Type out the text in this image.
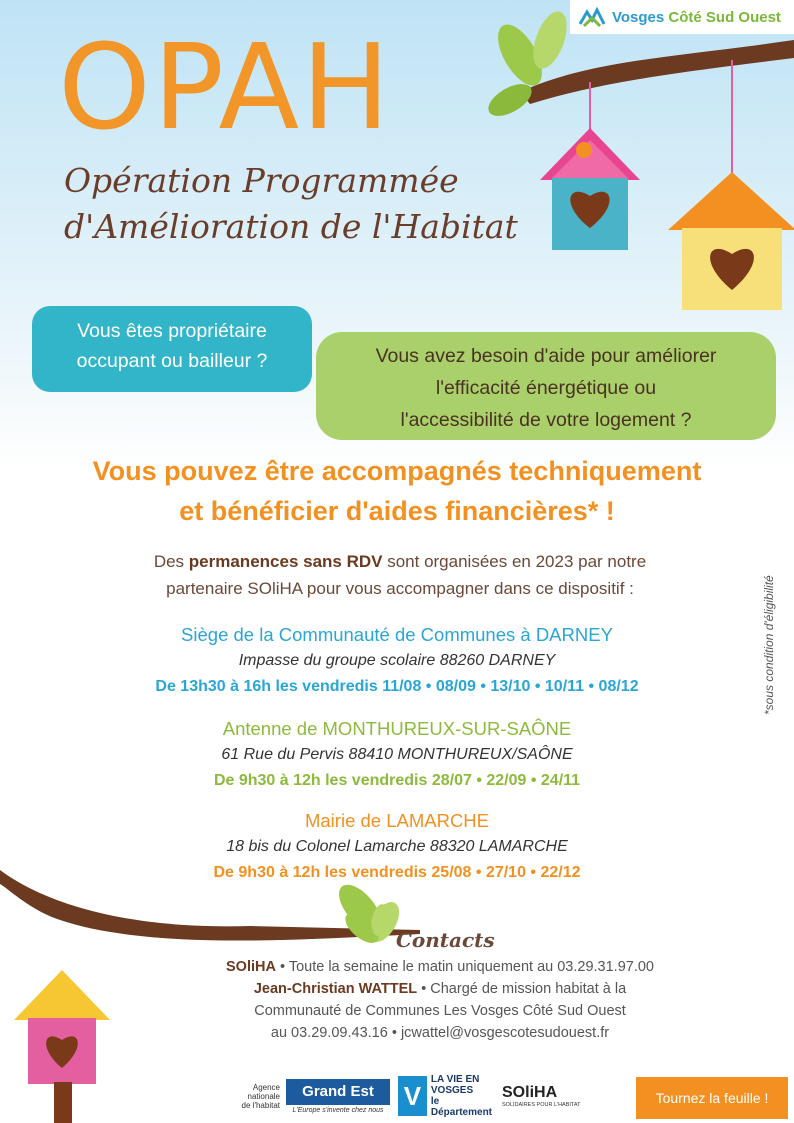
Vosges Côté Sud Ouest
OPAH
Opération Programmée
d'Amélioration de l'Habitat
Vous êtes propriétaire
occupant ou bailleur ?	Vous avez besoin d'aide pour améliorer
l'efficacité énergétique ou
l'accessibilité de votre logement ?
Vous pouvez être accompagnés techniquement
et bénéficier d'aides financières* !
Des permanences sans RDV sont organisées en 2023 par notre
partenaire SOliHA pour vous accompagner dans ce dispositif :
Siège de la Communauté de Communes à DARNEY
Impasse du groupe scolaire 88260 DARNEY
De 13h30 à 16h les vendredis 11/08 • 08/09 • 13/10 • 10/11 • 08/12
Antenne de MONTHUREUX-SUR-SAÔNE
61 Rue du Pervis 88410 MONTHUREUX/SAÔNE
De 9h30 à 12h les vendredis 28/07 • 22/09 • 24/11
Mairie de LAMARCHE
18 bis du Colonel Lamarche 88320 LAMARCHE
De 9h30 à 12h les vendredis 25/08 • 27/10 • 22/12
*sous condition d'éligibilité
Contacts
SOliHA • Toute la semaine le matin uniquement au 03.29.31.97.00
Jean-Christian WATTEL • Chargé de mission habitat à la
Communauté de Communes Les Vosges Côté Sud Ouest
au 03.29.09.43.16 • jcwattel@vosgescotesudouest.fr
Agence
nationale
de l'habitat
Grand Est
L'Europe s'invente chez nous V
LA VIE EN
VOSGES
le Département
SOliHA
SOLIDAIRES POUR L'HABITAT	Tournez la feuille !
